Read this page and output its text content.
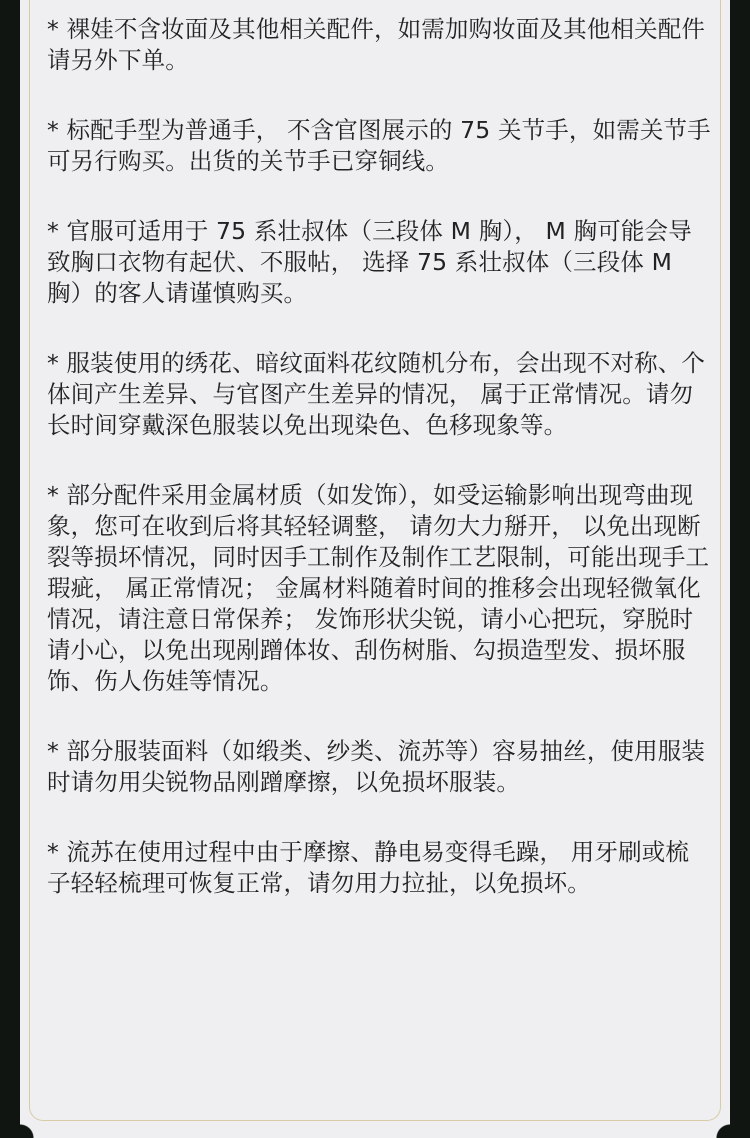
* 裸娃不含妆面及其他相关配件，如需加购妆面及其他相关配件请另外下单。
* 标配手型为普通手， 不含官图展示的 75 关节手，如需关节手可另行购买。出货的关节手已穿铜线。
* 官服可适用于 75 系壮叔体（三段体 M 胸）， M 胸可能会导致胸口衣物有起伏、不服帖， 选择 75 系壮叔体（三段体 M 胸）的客人请谨慎购买。
* 服装使用的绣花、暗纹面料花纹随机分布，会出现不对称、个体间产生差异、与官图产生差异的情况， 属于正常情况。请勿长时间穿戴深色服装以免出现染色、色移现象等。
* 部分配件采用金属材质（如发饰），如受运输影响出现弯曲现象，您可在收到后将其轻轻调整， 请勿大力掰开， 以免出现断裂等损坏情况，同时因手工制作及制作工艺限制，可能出现手工瑕疵， 属正常情况； 金属材料随着时间的推移会出现轻微氧化情况，请注意日常保养； 发饰形状尖锐，请小心把玩，穿脱时请小心，以免出现剐蹭体妆、刮伤树脂、勾损造型发、损坏服饰、伤人伤娃等情况。
* 部分服装面料（如缎类、纱类、流苏等）容易抽丝，使用服装时请勿用尖锐物品刚蹭摩擦，以免损坏服装。
* 流苏在使用过程中由于摩擦、静电易变得毛躁， 用牙刷或梳子轻轻梳理可恢复正常，请勿用力拉扯，以免损坏。
